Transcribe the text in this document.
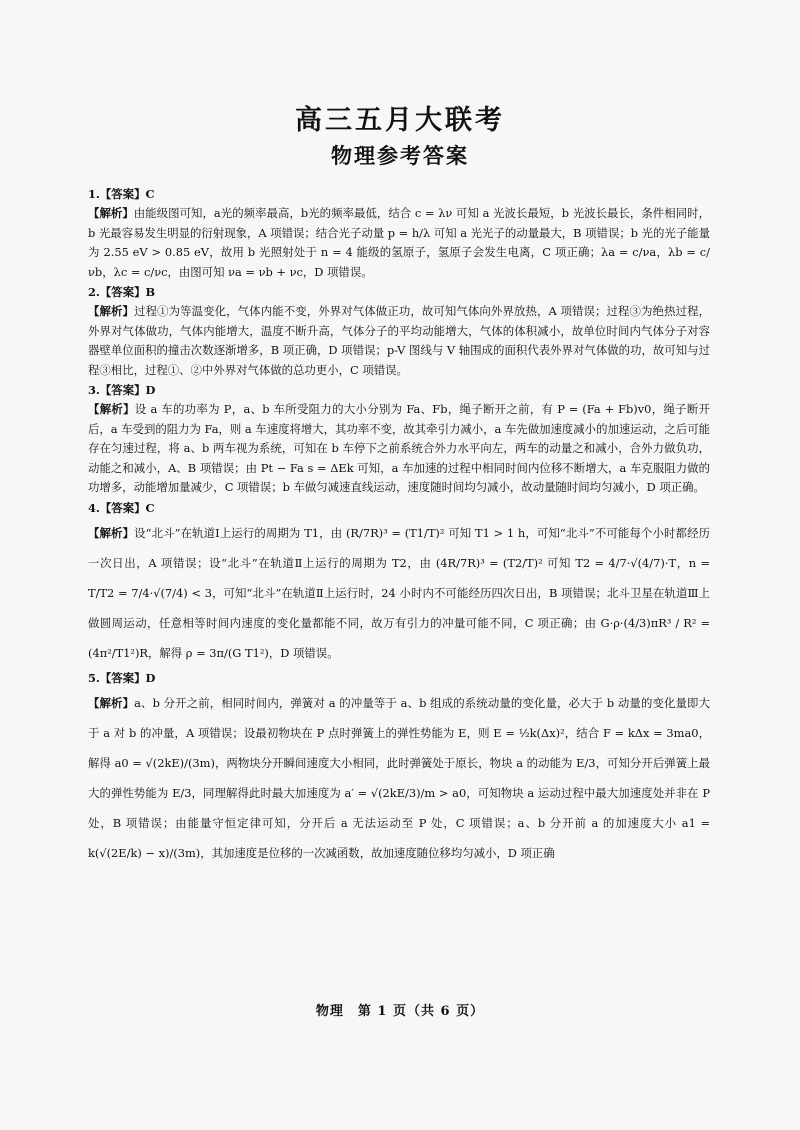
高三五月大联考
物理参考答案
1.【答案】C

【解析】由能级图可知，a光的频率最高，b光的频率最低，结合 c = λν 可知 a 光波长最短，b 光波长最长，条件相同时，b 光最容易发生明显的衍射现象，A 项错误；结合光子动量 p = h/λ 可知 a 光光子的动量最大，B 项错误；b 光的光子能量为 2.55 eV > 0.85 eV，故用 b 光照射处于 n = 4 能级的氢原子，氢原子会发生电离，C 项正确；λa = c/νa，λb = c/νb，λc = c/νc，由图可知 νa = νb + νc，D 项错误。

2.【答案】B

【解析】过程①为等温变化，气体内能不变，外界对气体做正功，故可知气体向外界放热，A 项错误；过程③为绝热过程，外界对气体做功，气体内能增大，温度不断升高，气体分子的平均动能增大，气体的体积减小，故单位时间内气体分子对容器壁单位面积的撞击次数逐渐增多，B 项正确，D 项错误；p-V 图线与 V 轴围成的面积代表外界对气体做的功，故可知与过程③相比，过程①、②中外界对气体做的总功更小，C 项错误。

3.【答案】D

【解析】设 a 车的功率为 P，a、b 车所受阻力的大小分别为 Fa、Fb，绳子断开之前，有 P = (Fa + Fb)v0，绳子断开后，a 车受到的阻力为 Fa，则 a 车速度将增大，其功率不变，故其牵引力减小，a 车先做加速度减小的加速运动，之后可能存在匀速过程，将 a、b 两车视为系统，可知在 b 车停下之前系统合外力水平向左，两车的动量之和减小，合外力做负功，动能之和减小，A、B 项错误；由 Pt − Fa s = ΔEk 可知，a 车加速的过程中相同时间内位移不断增大，a 车克服阻力做的功增多，动能增加量减少，C 项错误；b 车做匀减速直线运动，速度随时间均匀减小，故动量随时间均匀减小，D 项正确。

4.【答案】C

【解析】设“北斗”在轨道Ⅰ上运行的周期为 T1，由 (R/7R)³ = (T1/T)² 可知 T1 > 1 h，可知“北斗”不可能每个小时都经历一次日出，A 项错误；设“北斗”在轨道Ⅱ上运行的周期为 T2，由 (4R/7R)³ = (T2/T)² 可知 T2 = 4/7·√(4/7)·T，n = T/T2 = 7/4·√(7/4) < 3，可知“北斗”在轨道Ⅱ上运行时，24 小时内不可能经历四次日出，B 项错误；北斗卫星在轨道Ⅲ上做圆周运动，任意相等时间内速度的变化量都能不同，故万有引力的冲量可能不同，C 项正确；由 G·ρ·(4/3)πR³ / R² = (4π²/T1²)R，解得 ρ = 3π/(G T1²)，D 项错误。

5.【答案】D

【解析】a、b 分开之前，相同时间内，弹簧对 a 的冲量等于 a、b 组成的系统动量的变化量，必大于 b 动量的变化量即大于 a 对 b 的冲量，A 项错误；设最初物块在 P 点时弹簧上的弹性势能为 E，则 E = ½k(Δx)²，结合 F = kΔx = 3ma0，解得 a0 = √(2kE)/(3m)，两物块分开瞬间速度大小相同，此时弹簧处于原长，物块 a 的动能为 E/3，可知分开后弹簧上最大的弹性势能为 E/3，同理解得此时最大加速度为 a′ = √(2kE/3)/m > a0，可知物块 a 运动过程中最大加速度处并非在 P 处，B 项错误；由能量守恒定律可知，分开后 a 无法运动至 P 处，C 项错误；a、b 分开前 a 的加速度大小 a1 = k(√(2E/k) − x)/(3m)，其加速度是位移的一次减函数，故加速度随位移均匀减小，D 项正确

物理　第 1 页（共 6 页）
